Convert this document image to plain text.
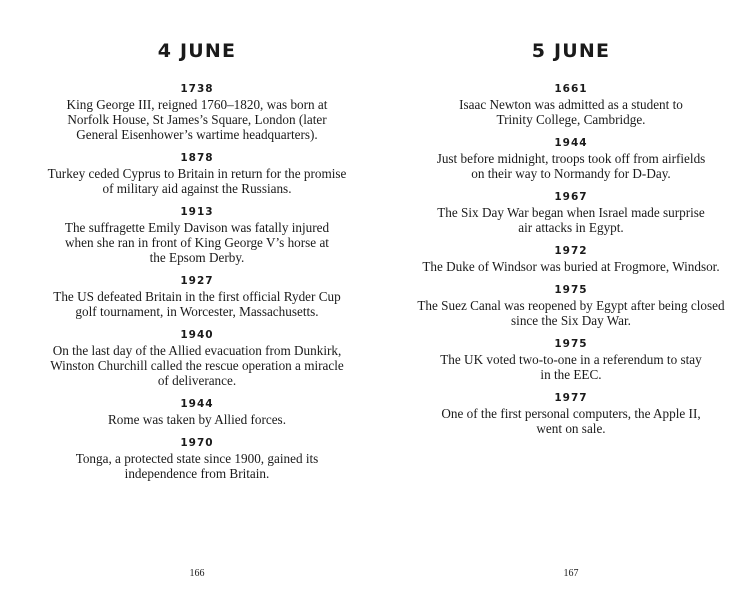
4 JUNE
1738
King George III, reigned 1760–1820, was born at
Norfolk House, St James’s Square, London (later
General Eisenhower’s wartime headquarters).
1878
Turkey ceded Cyprus to Britain in return for the promise
of military aid against the Russians.
1913
The suffragette Emily Davison was fatally injured
when she ran in front of King George V’s horse at
the Epsom Derby.
1927
The US defeated Britain in the first official Ryder Cup
golf tournament, in Worcester, Massachusetts.
1940
On the last day of the Allied evacuation from Dunkirk,
Winston Churchill called the rescue operation a miracle
of deliverance.
1944
Rome was taken by Allied forces.
1970
Tonga, a protected state since 1900, gained its
independence from Britain.
166
5 JUNE
1661
Isaac Newton was admitted as a student to
Trinity College, Cambridge.
1944
Just before midnight, troops took off from airfields
on their way to Normandy for D-Day.
1967
The Six Day War began when Israel made surprise
air attacks in Egypt.
1972
The Duke of Windsor was buried at Frogmore, Windsor.
1975
The Suez Canal was reopened by Egypt after being closed
since the Six Day War.
1975
The UK voted two-to-one in a referendum to stay
in the EEC.
1977
One of the first personal computers, the Apple II,
went on sale.
167
